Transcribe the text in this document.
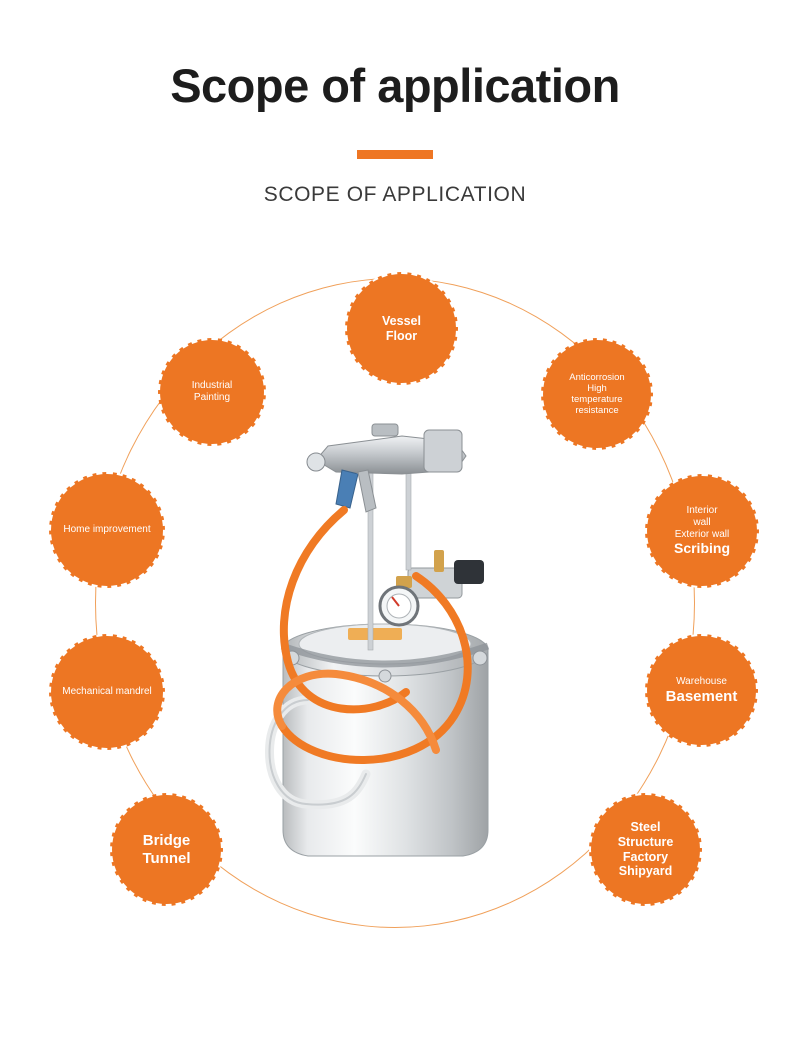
Scope of application
SCOPE OF APPLICATION
Vessel
Floor
Industrial
Painting
Anticorrosion
High
temperature
resistance
Home improvement
Interior
wall
Exterior wall
Scribing
Mechanical mandrel
Warehouse
Basement
Bridge
Tunnel
Steel
Structure
Factory
Shipyard
